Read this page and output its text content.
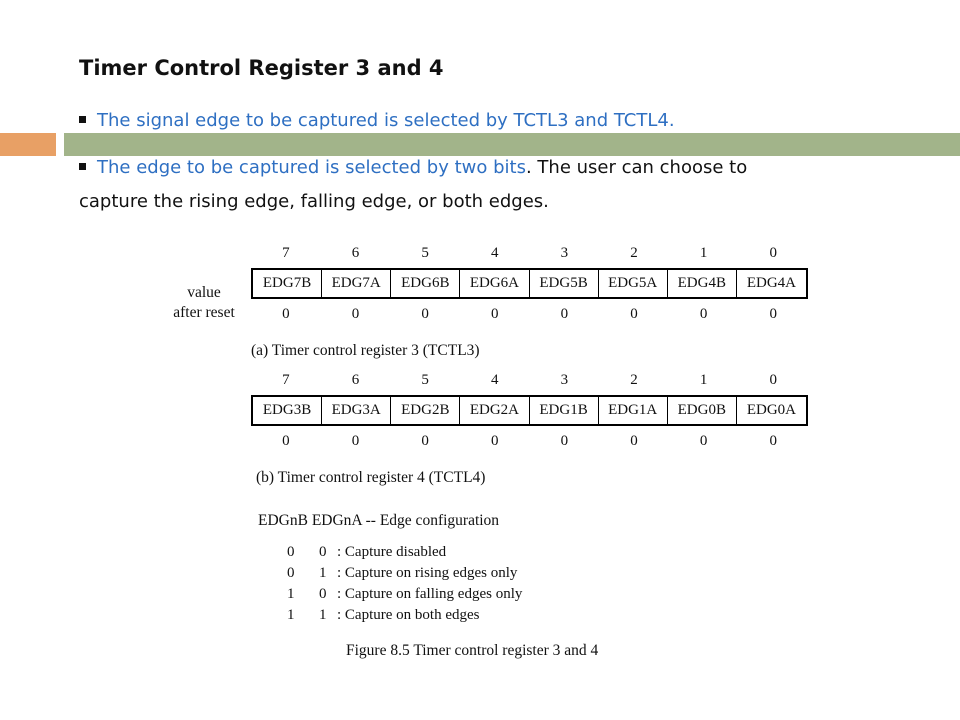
Timer Control Register 3 and 4
The signal edge to be captured is selected by TCTL3 and TCTL4.
The edge to be captured is selected by two bits. The user can choose to
capture the rising edge, falling edge, or both edges.
value
after reset
7	6	5	4	3	2	1	0
EDG7B	EDG7A	EDG6B	EDG6A	EDG5B	EDG5A	EDG4B	EDG4A
0	0	0	0	0	0	0	0
(a) Timer control register 3 (TCTL3)
7	6	5	4	3	2	1	0
EDG3B	EDG3A	EDG2B	EDG2A	EDG1B	EDG1A	EDG0B	EDG0A
0	0	0	0	0	0	0	0
(b) Timer control register 4 (TCTL4)
EDGnB EDGnA -- Edge configuration
0	0 : Capture disabled
0	1 : Capture on rising edges only
1	0 : Capture on falling edges only
1	1 : Capture on both edges
Figure 8.5 Timer control register 3 and 4
